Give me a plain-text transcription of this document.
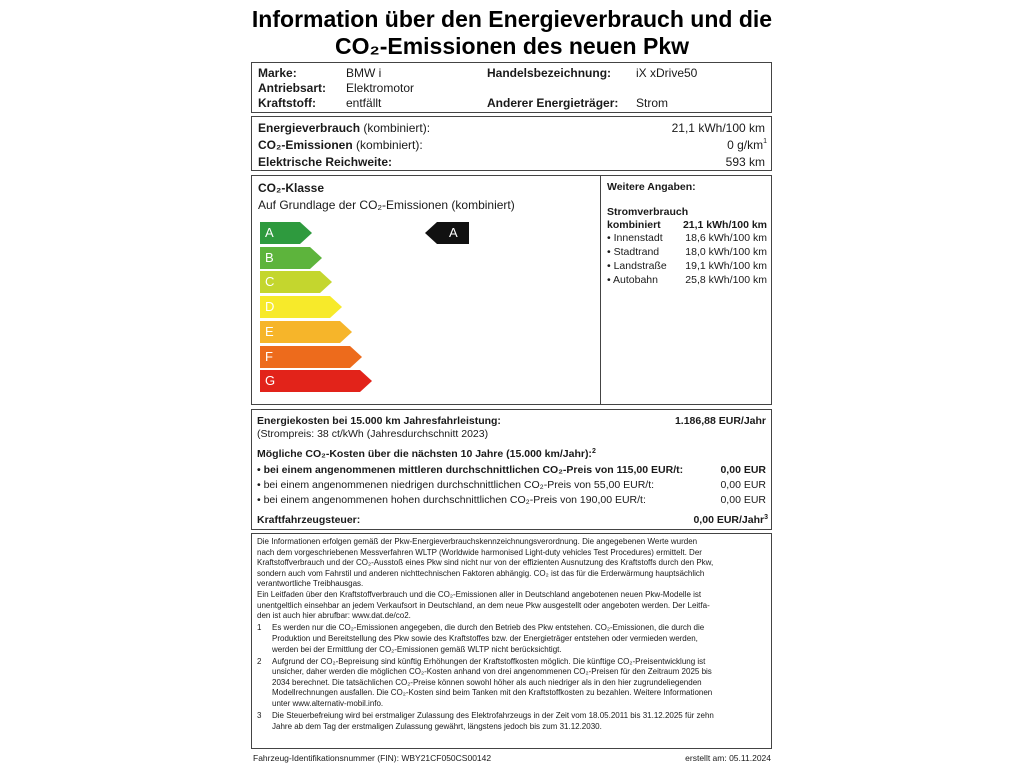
Information über den Energieverbrauch und die
CO₂-Emissionen des neuen Pkw
Marke:	BMW i
Antriebsart: Elektromotor
Kraftstoff:	entfällt
Handelsbezeichnung: iX xDrive50
Anderer Energieträger: Strom
Energieverbrauch (kombiniert):	21,1 kWh/100 km
CO₂-Emissionen (kombiniert):	0 $g/km^1$
Elektrische Reichweite:	593 km
CO₂-Klasse
Auf Grundlage der CO₂-Emissionen (kombiniert)
A
B
C
D
E
F
G
A
Weitere Angaben:
Stromverbrauch
kombiniert 21,1 kWh/100 km
• Innenstadt 18,6 kWh/100 km
• Stadtrand 18,0 kWh/100 km
• Landstraße 19,1 kWh/100 km
• Autobahn	25,8 kWh/100 km
Energiekosten bei 15.000 km Jahresfahrleistung:	1.186,88 EUR/Jahr
(Strompreis: 38 ct/kWh (Jahresdurchschnitt 2023)
Mögliche CO₂-Kosten über die nächsten 10 Jahre (15.000 km/Jahr):$^2$
• bei einem angenommenen mittleren durchschnittlichen CO₂-Preis von 115,00 EUR/t:	0,00 EUR
• bei einem angenommenen niedrigen durchschnittlichen CO₂-Preis von 55,00 EUR/t:	0,00 EUR
• bei einem angenommenen hohen durchschnittlichen CO₂-Preis von 190,00 EUR/t:	0,00 EUR
Kraftfahrzeugsteuer:	0,00 EUR/Jahr$^3$
Die Informationen erfolgen gemäß der Pkw-Energieverbrauchskennzeichnungsverordnung. Die angegebenen Werte wurden
nach dem vorgeschriebenen Messverfahren WLTP (Worldwide harmonised Light-duty vehicles Test Procedures) ermittelt. Der
Kraftstoffverbrauch und der CO₂-Ausstoß eines Pkw sind nicht nur von der effizienten Ausnutzung des Kraftstoffs durch den Pkw,
sondern auch vom Fahrstil und anderen nichttechnischen Faktoren abhängig. CO₂ ist das für die Erderwärmung hauptsächlich
verantwortliche Treibhausgas.
Ein Leitfaden über den Kraftstoffverbrauch und die CO₂-Emissionen aller in Deutschland angebotenen neuen Pkw-Modelle ist
unentgeltlich einsehbar an jedem Verkaufsort in Deutschland, an dem neue Pkw ausgestellt oder angeboten werden. Der Leitfa-
den ist auch hier abrufbar: www.dat.de/co2.
1 Es werden nur die CO₂-Emissionen angegeben, die durch den Betrieb des Pkw entstehen. CO₂-Emissionen, die durch die
Produktion und Bereitstellung des Pkw sowie des Kraftstoffes bzw. der Energieträger entstehen oder vermieden werden,
werden bei der Ermittlung der CO₂-Emissionen gemäß WLTP nicht berücksichtigt.
2 Aufgrund der CO₂-Bepreisung sind künftig Erhöhungen der Kraftstoffkosten möglich. Die künftige CO₂-Preisentwicklung ist
unsicher, daher werden die möglichen CO₂-Kosten anhand von drei angenommenen CO₂-Preisen für den Zeitraum 2025 bis
2034 berechnet. Die tatsächlichen CO₂-Preise können sowohl höher als auch niedriger als in den hier zugrundeliegenden
Modellrechnungen ausfallen. Die CO₂-Kosten sind beim Tanken mit den Kraftstoffkosten zu bezahlen. Weitere Informationen
unter www.alternativ-mobil.info.
3 Die Steuerbefreiung wird bei erstmaliger Zulassung des Elektrofahrzeugs in der Zeit vom 18.05.2011 bis 31.12.2025 für zehn
Jahre ab dem Tag der erstmaligen Zulassung gewährt, längstens jedoch bis zum 31.12.2030.
Fahrzeug-Identifikationsnummer (FIN): WBY21CF050CS00142	erstellt am: 05.11.2024
